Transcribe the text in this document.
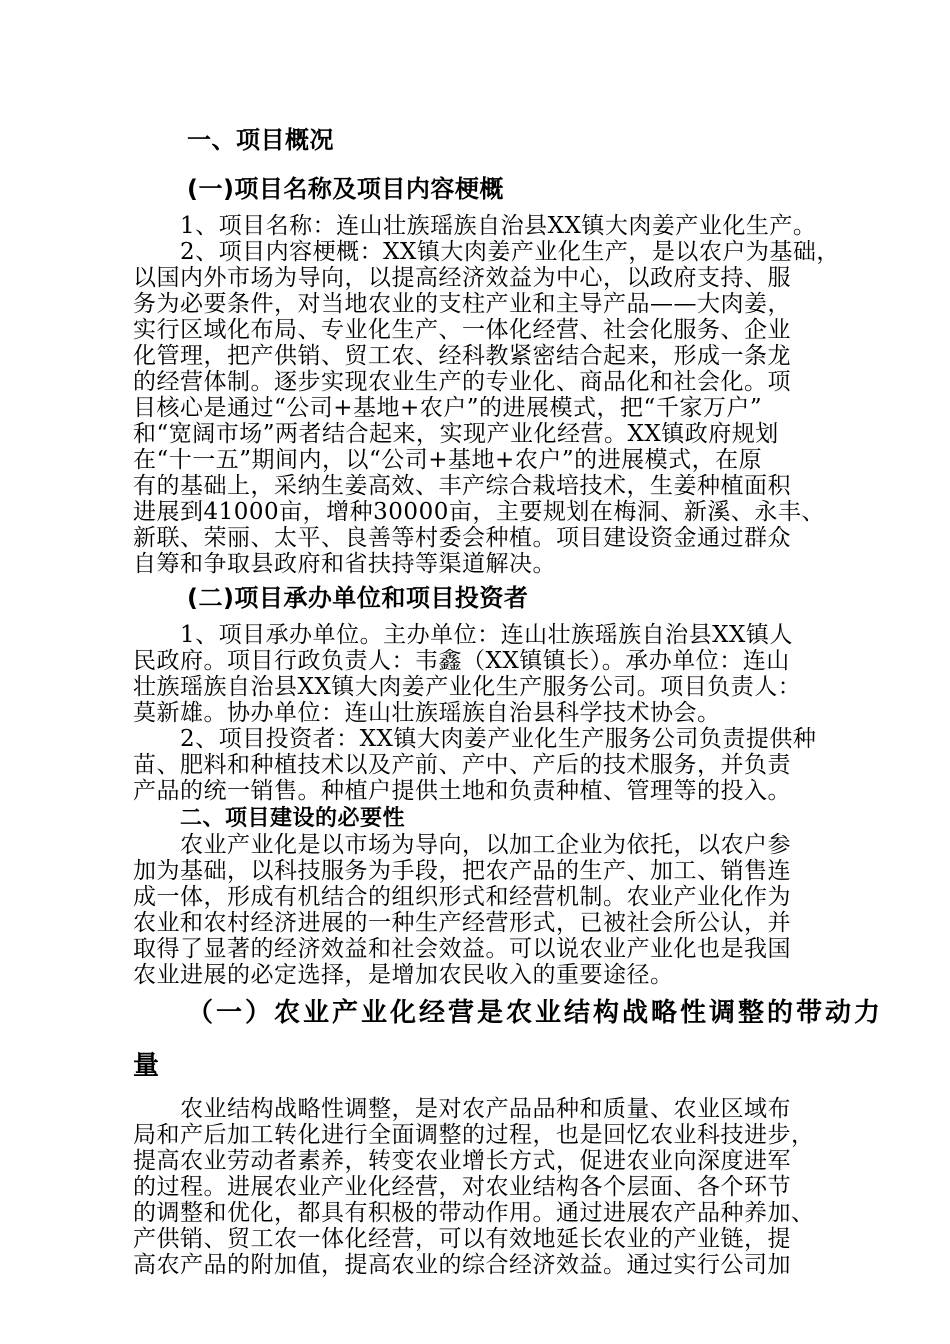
一、项目概况
(一)项目名称及项目内容梗概
1、项目名称：连山壮族瑶族自治县XX镇大肉姜产业化生产。
2、项目内容梗概：XX镇大肉姜产业化生产，是以农户为基础，
以国内外市场为导向，以提高经济效益为中心，以政府支持、服
务为必要条件，对当地农业的支柱产业和主导产品——大肉姜，
实行区域化布局、专业化生产、一体化经营、社会化服务、企业
化管理，把产供销、贸工农、经科教紧密结合起来，形成一条龙
的经营体制。逐步实现农业生产的专业化、商品化和社会化。项
目核心是通过“公司+基地+农户”的进展模式，把“千家万户”
和“宽阔市场”两者结合起来，实现产业化经营。XX镇政府规划
在“十一五”期间内，以“公司+基地+农户”的进展模式，在原
有的基础上，采纳生姜高效、丰产综合栽培技术，生姜种植面积
进展到41000亩，增种30000亩，主要规划在梅洞、新溪、永丰、
新联、荣丽、太平、良善等村委会种植。项目建设资金通过群众
自筹和争取县政府和省扶持等渠道解决。
(二)项目承办单位和项目投资者
1、项目承办单位。主办单位：连山壮族瑶族自治县XX镇人
民政府。项目行政负责人：韦鑫（XX镇镇长）。承办单位：连山
壮族瑶族自治县XX镇大肉姜产业化生产服务公司。项目负责人：
莫新雄。协办单位：连山壮族瑶族自治县科学技术协会。
2、项目投资者：XX镇大肉姜产业化生产服务公司负责提供种
苗、肥料和种植技术以及产前、产中、产后的技术服务，并负责
产品的统一销售。种植户提供土地和负责种植、管理等的投入。
二、项目建设的必要性
农业产业化是以市场为导向，以加工企业为依托，以农户参
加为基础，以科技服务为手段，把农产品的生产、加工、销售连
成一体，形成有机结合的组织形式和经营机制。农业产业化作为
农业和农村经济进展的一种生产经营形式，已被社会所公认，并
取得了显著的经济效益和社会效益。可以说农业产业化也是我国
农业进展的必定选择，是增加农民收入的重要途径。
（一）农业产业化经营是农业结构战略性调整的带动力
量
农业结构战略性调整，是对农产品品种和质量、农业区域布
局和产后加工转化进行全面调整的过程，也是回忆农业科技进步，
提高农业劳动者素养，转变农业增长方式，促进农业向深度进军
的过程。进展农业产业化经营，对农业结构各个层面、各个环节
的调整和优化，都具有积极的带动作用。通过进展农产品种养加、
产供销、贸工农一体化经营，可以有效地延长农业的产业链，提
高农产品的附加值，提高农业的综合经济效益。通过实行公司加
